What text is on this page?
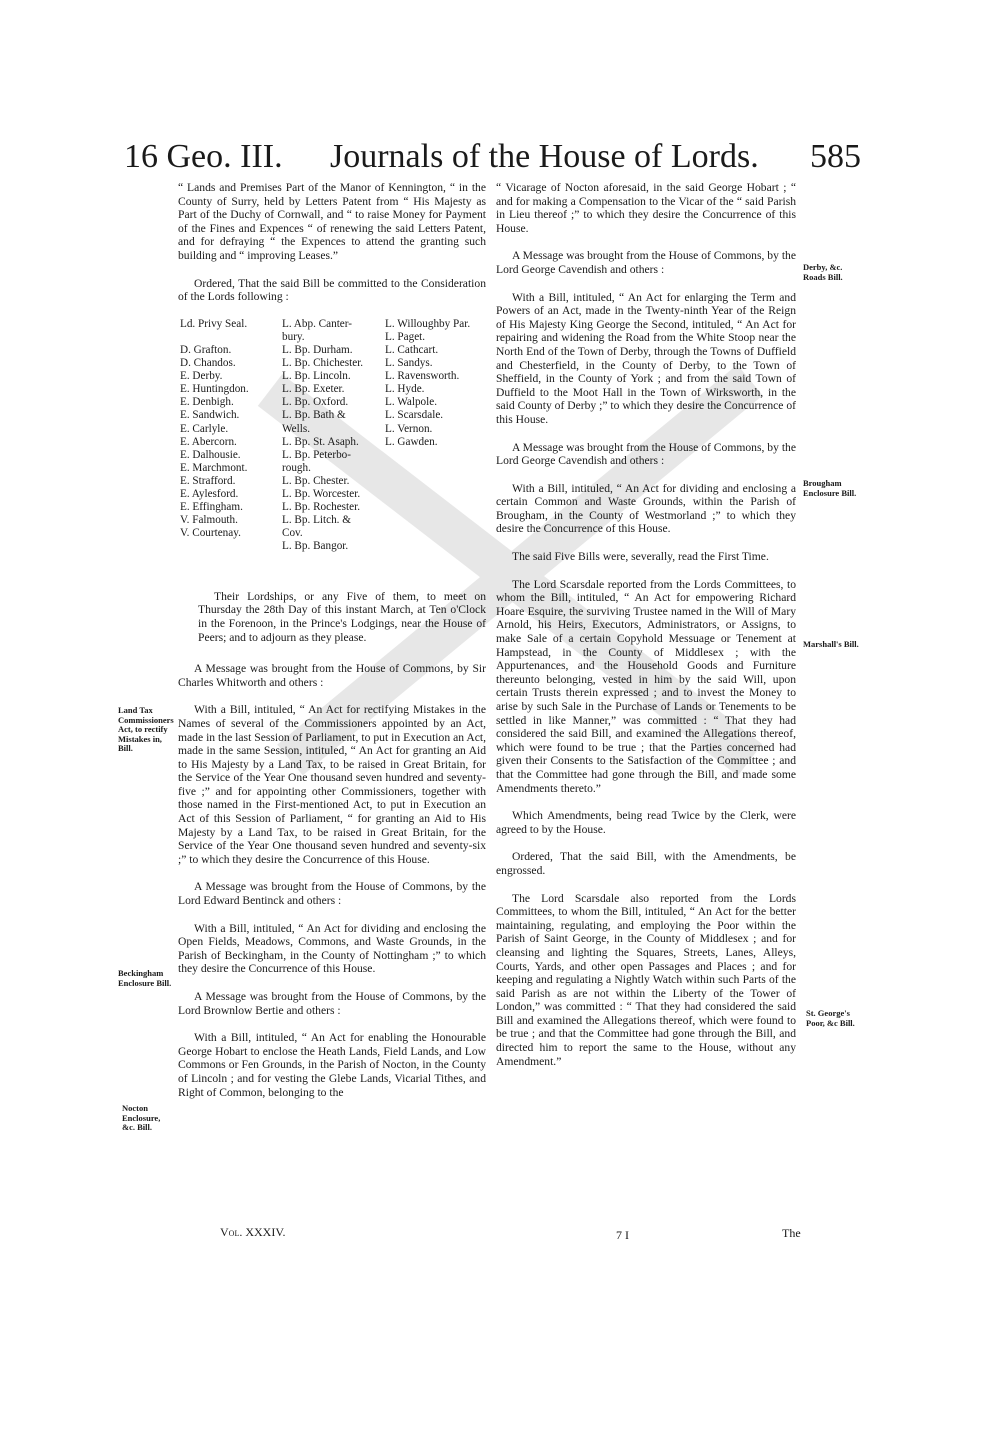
16 Geo. III. Journals of the House of Lords. 585
Land Tax Commissioners Act, to rectify Mistakes in, Bill.
Beckingham Enclosure Bill.
Nocton Enclosure, &c. Bill.
Derby, &c. Roads Bill.
Brougham Enclosure Bill.
Marshall's Bill.
St. George's Poor, &c Bill.

“ Lands and Premises Part of the Manor of Kennington, “ in the County of Surry, held by Letters Patent from “ His Majesty as Part of the Duchy of Cornwall, and “ to raise Money for Payment of the Fines and Expences “ of renewing the said Letters Patent, and for defraying “ the Expences to attend the granting such building and “ improving Leases.”

Ordered, That the said Bill be committed to the Consideration of the Lords following :

Ld. Privy Seal.

D. Grafton.
D. Chandos.
E. Derby.
E. Huntingdon.
E. Denbigh.
E. Sandwich.
E. Carlyle.
E. Abercorn.
E. Dalhousie.
E. Marchmont.
E. Strafford.
E. Aylesford.
E. Effingham.
V. Falmouth.
V. Courtenay.
L. Abp. Canter-
bury.
L. Bp. Durham.
L. Bp. Chichester.
L. Bp. Lincoln.
L. Bp. Exeter.
L. Bp. Oxford.
L. Bp. Bath &
Wells.
L. Bp. St. Asaph.
L. Bp. Peterbo-
rough.
L. Bp. Chester.
L. Bp. Worcester.
L. Bp. Rochester.
L. Bp. Litch. &
Cov.
L. Bp. Bangor.
L. Willoughby Par.
L. Paget.
L. Cathcart.
L. Sandys.
L. Ravensworth.
L. Hyde.
L. Walpole.
L. Scarsdale.
L. Vernon.
L. Gawden.

Their Lordships, or any Five of them, to meet on Thursday the 28th Day of this instant March, at Ten o'Clock in the Forenoon, in the Prince's Lodgings, near the House of Peers; and to adjourn as they please.

A Message was brought from the House of Commons, by Sir Charles Whitworth and others :

With a Bill, intituled, “ An Act for rectifying Mistakes in the Names of several of the Commissioners appointed by an Act, made in the last Session of Parliament, to put in Execution an Act, made in the same Session, intituled, “ An Act for granting an Aid to His Majesty by a Land Tax, to be raised in Great Britain, for the Service of the Year One thousand seven hundred and seventy-five ;” and for appointing other Commissioners, together with those named in the First-mentioned Act, to put in Execution an Act of this Session of Parliament, “ for granting an Aid to His Majesty by a Land Tax, to be raised in Great Britain, for the Service of the Year One thousand seven hundred and seventy-six ;” to which they desire the Concurrence of this House.

A Message was brought from the House of Commons, by the Lord Edward Bentinck and others :

With a Bill, intituled, “ An Act for dividing and enclosing the Open Fields, Meadows, Commons, and Waste Grounds, in the Parish of Beckingham, in the County of Nottingham ;” to which they desire the Concurrence of this House.

A Message was brought from the House of Commons, by the Lord Brownlow Bertie and others :

With a Bill, intituled, “ An Act for enabling the Honourable George Hobart to enclose the Heath Lands, Field Lands, and Low Commons or Fen Grounds, in the Parish of Nocton, in the County of Lincoln ; and for vesting the Glebe Lands, Vicarial Tithes, and Right of Common, belonging to the

“ Vicarage of Nocton aforesaid, in the said George Hobart ; “ and for making a Compensation to the Vicar of the “ said Parish in Lieu thereof ;” to which they desire the Concurrence of this House.

A Message was brought from the House of Commons, by the Lord George Cavendish and others :

With a Bill, intituled, “ An Act for enlarging the Term and Powers of an Act, made in the Twenty-ninth Year of the Reign of His Majesty King George the Second, intituled, “ An Act for repairing and widening the Road from the White Stoop near the North End of the Town of Derby, through the Towns of Duffield and Chesterfield, in the County of Derby, to the Town of Sheffield, in the County of York ; and from the said Town of Duffield to the Moot Hall in the Town of Wirksworth, in the said County of Derby ;” to which they desire the Concurrence of this House.

A Message was brought from the House of Commons, by the Lord George Cavendish and others :

With a Bill, intituled, “ An Act for dividing and enclosing a certain Common and Waste Grounds, within the Parish of Brougham, in the County of Westmorland ;” to which they desire the Concurrence of this House.

The said Five Bills were, severally, read the First Time.

The Lord Scarsdale reported from the Lords Committees, to whom the Bill, intituled, “ An Act for empowering Richard Hoare Esquire, the surviving Trustee named in the Will of Mary Arnold, his Heirs, Executors, Administrators, or Assigns, to make Sale of a certain Copyhold Messuage or Tenement at Hampstead, in the County of Middlesex ; with the Appurtenances, and the Household Goods and Furniture thereunto belonging, vested in him by the said Will, upon certain Trusts therein expressed ; and to invest the Money to arise by such Sale in the Purchase of Lands or Tenements to be settled in like Manner,” was committed : “ That they had considered the said Bill, and examined the Allegations thereof, which were found to be true ; that the Parties concerned had given their Consents to the Satisfaction of the Committee ; and that the Committee had gone through the Bill, and made some Amendments thereto.”

Which Amendments, being read Twice by the Clerk, were agreed to by the House.

Ordered, That the said Bill, with the Amendments, be engrossed.

The Lord Scarsdale also reported from the Lords Committees, to whom the Bill, intituled, “ An Act for the better maintaining, regulating, and employing the Poor within the Parish of Saint George, in the County of Middlesex ; and for cleansing and lighting the Squares, Streets, Lanes, Alleys, Courts, Yards, and other open Passages and Places ; and for keeping and regulating a Nightly Watch within such Parts of the said Parish as are not within the Liberty of the Tower of London,” was committed : “ That they had considered the said Bill and examined the Allegations thereof, which were found to be true ; and that the Committee had gone through the Bill, and directed him to report the same to the House, without any Amendment.”

Vol. XXXIV.	7 I	The
